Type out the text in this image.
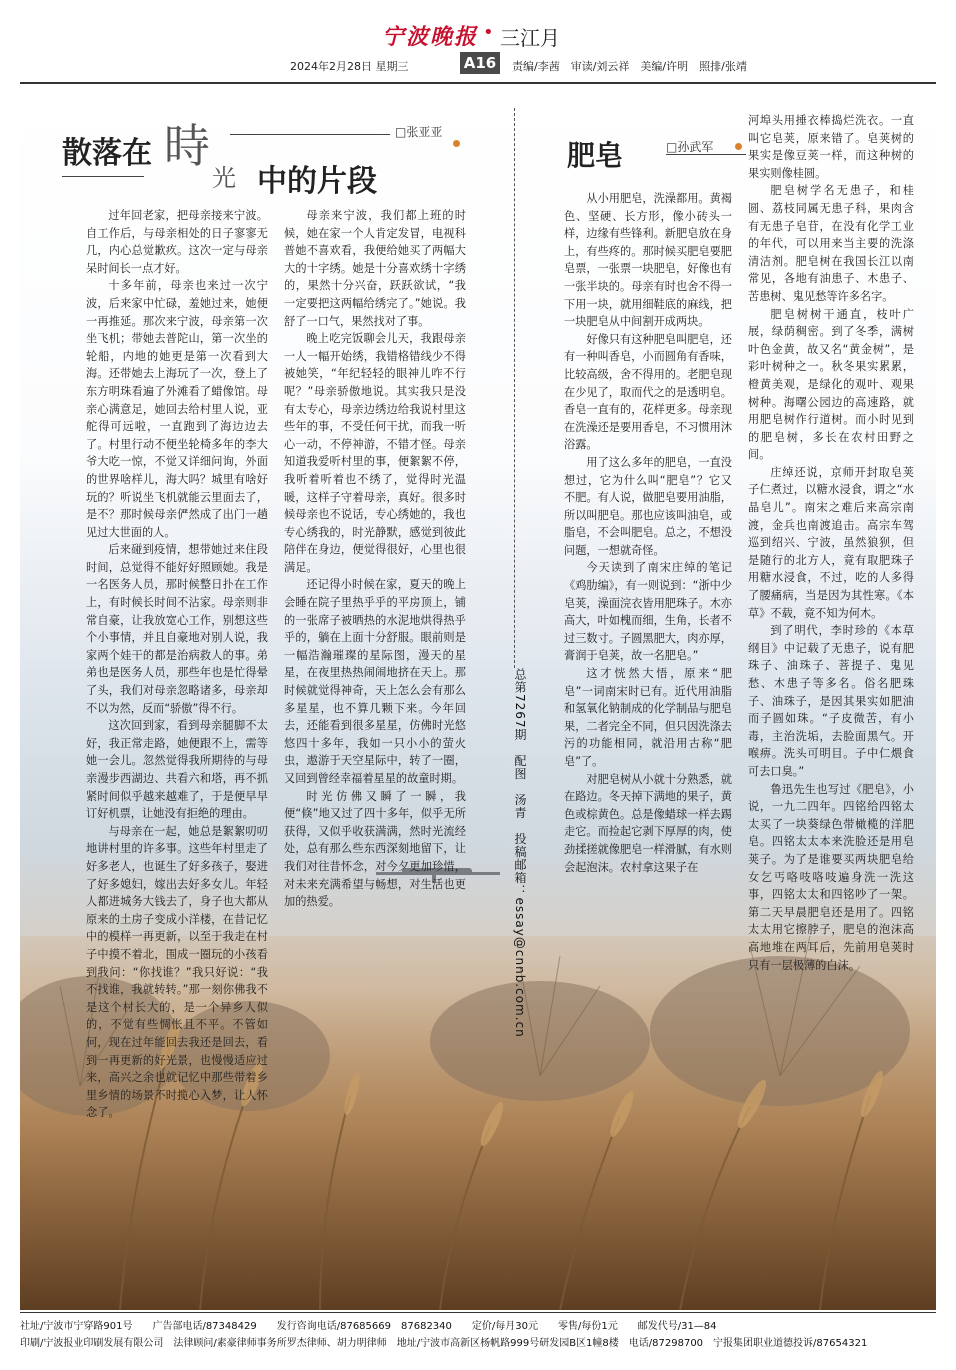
宁波晚报 • 三江月
2024年2月28日 星期三	A16	责编/李茜　审读/刘云祥　美编/许明　照排/张靖
散落在 時
光 中的片段
□张亚亚

过年回老家，把母亲接来宁波。自工作后，与母亲相处的日子寥寥无几，内心总觉歉疚。这次一定与母亲呆时间长一点才好。

十多年前，母亲也来过一次宁波，后来家中忙碌，羞她过来，她便一再推延。那次来宁波，母亲第一次坐飞机；带她去普陀山，第一次坐的轮船，内地的她更是第一次看到大海。还带她去上海玩了一次，登上了东方明珠看遍了外滩看了蜡像馆。母亲心满意足，她回去给村里人说，亚舵得可远啦，一直跑到了海边边去了。村里行动不便坐轮椅多年的李大爷大吃一惊，不觉又详细问询，外面的世界啥样儿，海大吗？城里有啥好玩的？听说坐飞机就能云里面去了，是不？那时候母亲俨然成了出门一趟见过大世面的人。

后来碰到疫情，想带她过来住段时间，总觉得不能好好照顾她。我是一名医务人员，那时候整日扑在工作上，有时候长时间不沾家。母亲则非常自豪，让我放宽心工作，别想这些个小事情，并且自豪地对别人说，我家两个娃干的都是治病救人的事。弟弟也是医务人员，那些年也是忙得晕了头，我们对母亲忽略诸多，母亲却不以为然，反而“骄傲”得不行。

这次回到家，看到母亲腿脚不太好，我正常走路，她便跟不上，需等她一会儿。忽然觉得我所期待的与母亲漫步西湖边、共看六和塔，再不抓紧时间似乎越来越难了，于是便早早订好机票，让她没有拒绝的理由。

与母亲在一起，她总是絮絮叨叨地讲村里的许多事。这些年村里走了好多老人，也诞生了好多孩子，娶进了好多媳妇，嫁出去好多女儿。年轻人都进城务大钱去了，身子也大都从原来的土房子变成小洋楼，在昔记忆中的模样一再更新，以至于我走在村子中摸不着北，围成一圈玩的小孩看到我问：“你找谁？”我只好说：“我不找谁，我就转转。”那一刻你佛我不是这个村长大的，是一个异乡人似的，不觉有些惆怅且不平。不管如何，现在过年能回去我还是回去，看到一再更新的好光景，也慢慢适应过来，高兴之余也就记忆中那些带着乡里乡情的场景不时揽心入梦，让人怀念了。

母亲来宁波，我们都上班的时候，她在家一个人肯定发冒，电视科普她不喜欢看，我便给她买了两幅大大的十字绣。她是十分喜欢绣十字绣的，果然十分兴奋，跃跃欲试，“我一定要把这两幅给绣完了。”她说。我舒了一口气，果然找对了事。

晚上吃完饭聊会儿天，我跟母亲一人一幅开始绣，我错格错线少不得被她笑，“年纪轻轻的眼神儿咋不行呢？”母亲骄傲地说。其实我只是没有太专心，母亲边绣边给我说村里这些年的事，不受任何干扰，而我一听心一动，不停神游，不错才怪。母亲知道我爱听村里的事，便絮絮不停，我听着听着也不绣了，觉得时光温暖，这样子守着母亲，真好。很多时候母亲也不说话，专心绣她的，我也专心绣我的，时光静默，感觉到彼此陪伴在身边，便觉得很好，心里也很满足。

还记得小时候在家，夏天的晚上会睡在院子里热乎乎的平房顶上，铺的一张席子被晒热的水泥地烘得热乎乎的，躺在上面十分舒服。眼前则是一幅浩瀚璀璨的星际图，漫天的星星，在夜里热热闹闹地挤在天上。那时候就觉得神奇，天上怎么会有那么多星星，也不算几颗下来。今年回去，还能看到很多星星，仿佛时光悠悠四十多年，我如一只小小的萤火虫，遨游于天空星际中，转了一圈，又回到曾经幸福着星星的故童时期。

时光仿佛又瞬了一瞬，我便“倏”地又过了四十多年，似乎无所获得，又似乎收获满满，然时光流经处，总有那么些东西深刻地留下，让我们对往昔怀念，对今夕更加珍惜，对未来充满希望与畅想，对生活也更加的热爱。	总第7267期　配图　汤青　投稿邮箱：essay@cnnb.com.cn
肥皂	□孙武军

从小用肥皂，洗澡都用。黄褐色、坚硬、长方形，像小砖头一样，边缘有些锋利。新肥皂放在身上，有些疼的。那时候买肥皂要肥皂票，一张票一块肥皂，好像也有一张半块的。母亲有时也舍不得一下用一块，就用细鞋底的麻线，把一块肥皂从中间割开成两块。

好像只有这种肥皂叫肥皂，还有一种叫香皂，小而圆角有香味，比较高级，舍不得用的。老肥皂现在少见了，取而代之的是透明皂。香皂一直有的，花样更多。母亲现在洗澡还是要用香皂，不习惯用沐浴露。

用了这么多年的肥皂，一直没想过，它为什么叫“肥皂”？它又不肥。有人说，做肥皂要用油脂，所以叫肥皂。那也应该叫油皂，或脂皂，不会叫肥皂。总之，不想没问题，一想就奇怪。

今天读到了南宋庄绰的笔记《鸡肋编》，有一则说到：“浙中少皂荚，澡面浣衣皆用肥珠子。木亦高大，叶如槐而细，生角，长者不过三数寸。子圆黑肥大，肉亦厚，膏润于皂荚，故一名肥皂。”

这才恍然大悟，原来“肥皂”一词南宋时已有。近代用油脂和氢氧化钠制成的化学制品与肥皂果，二者完全不同，但只因洗涤去污的功能相同，就沿用古称“肥皂”了。

对肥皂树从小就十分熟悉，就在路边。冬天掉下满地的果子，黄色或棕黄色。总是像蜡球一样去踢走它。而捡起它剥下厚厚的肉，使劲揉搓就像肥皂一样滑腻，有水则会起泡沫。农村拿这果子在

河埠头用捶衣棒捣烂洗衣。一直叫它皂荚，原来错了。皂荚树的果实是像豆荚一样，而这种树的果实则像桂圆。

肥皂树学名无患子，和桂圆、荔枝同属无患子科，果肉含有无患子皂苷，在没有化学工业的年代，可以用来当主要的洗涤清洁剂。肥皂树在我国长江以南常见，各地有油患子、木患子、苦患树、鬼见愁等许多名字。

肥皂树树干通直，枝叶广展，绿荫稠密。到了冬季，满树叶色金黄，故又名“黄金树”，是彩叶树种之一。秋冬果实累累，橙黄美观，是绿化的观叶、观果树种。海曙公园边的高速路，就用肥皂树作行道树。而小时见到的肥皂树，多长在农村田野之间。

庄绰还说，京师开封取皂荚子仁煮过，以糖水浸食，谓之“水晶皂儿”。南宋之难后来高宗南渡，金兵也南渡追击。高宗车驾巡到绍兴、宁波，虽然狼狈，但是随行的北方人，竟有取肥珠子用糖水浸食，不过，吃的人多得了腰痛病，当是因为其性寒。《本草》不载，竟不知为何木。

到了明代，李时珍的《本草纲目》中记载了无患子，说有肥珠子、油珠子、菩提子、鬼见愁、木患子等多名。俗名肥珠子、油珠子，是因其果实如肥油而子圆如珠。“子皮微苦，有小毒，主治洗垢，去脸面黑气。开喉痹。洗头可明目。子中仁煨食可去口臭。”

鲁迅先生也写过《肥皂》，小说，一九二四年。四铭给四铭太太买了一块葵绿色带橄榄的洋肥皂。四铭太太本来洗脸还是用皂荚子。为了是谁要买两块肥皂给女乞丐咯吱咯吱遍身洗一洗这事，四铭太太和四铭吵了一架。第二天早晨肥皂还是用了。四铭太太用它擦脖子，肥皂的泡沫高高地堆在两耳后，先前用皂荚时只有一层极薄的白沫。

社址/宁波市宁穿路901号　　广告部电话/87348429　　发行咨询电话/87685669　87682340　　定价/每月30元　　零售/每份1元　　邮发代号/31—84
印刷/宁波报业印刷发展有限公司　法律顾问/素豪律师事务所罗杰律师、胡力明律师　地址/宁波市高新区杨帆路999号研发园B区1幢8楼　电话/87298700　宁报集团职业道德投诉/87654321
